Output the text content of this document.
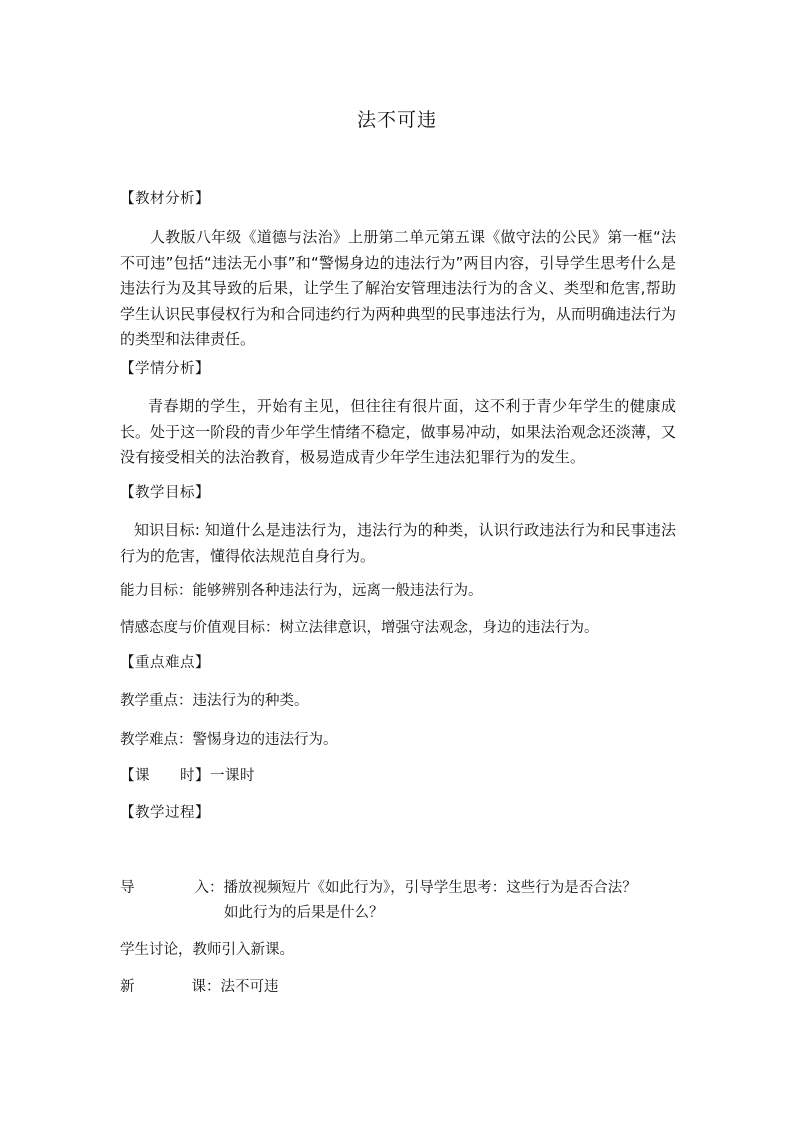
法不可违
【教材分析】
人教版八年级《道德与法治》上册第二单元第五课《做守法的公民》第一框“法不可违”包括“违法无小事”和“警惕身边的违法行为”两目内容，引导学生思考什么是违法行为及其导致的后果，让学生了解治安管理违法行为的含义、类型和危害,帮助学生认识民事侵权行为和合同违约行为两种典型的民事违法行为，从而明确违法行为的类型和法律责任。
【学情分析】
青春期的学生，开始有主见，但往往有很片面，这不利于青少年学生的健康成长。处于这一阶段的青少年学生情绪不稳定，做事易冲动，如果法治观念还淡薄，又没有接受相关的法治教育，极易造成青少年学生违法犯罪行为的发生。
【教学目标】
知识目标: 知道什么是违法行为，违法行为的种类，认识行政违法行为和民事违法行为的危害，懂得依法规范自身行为。
能力目标：能够辨别各种违法行为，远离一般违法行为。
情感态度与价值观目标：树立法律意识，增强守法观念，身边的违法行为。
【重点难点】
教学重点：违法行为的种类。
教学难点：警惕身边的违法行为。
【课 时】一课时
【教学过程】
导	入：播放视频短片《如此行为》，引导学生思考：这些行为是否合法？
如此行为的后果是什么？
学生讨论，教师引入新课。
新	课：法不可违
